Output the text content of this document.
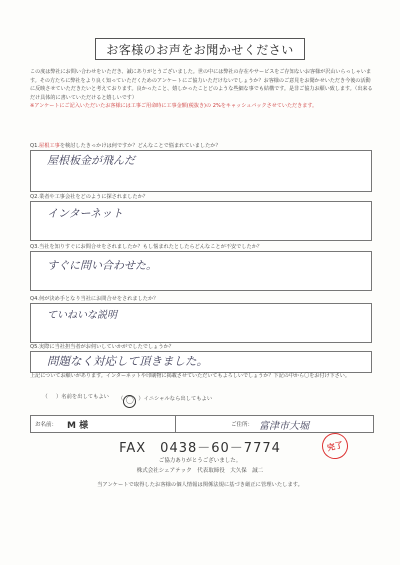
お客様のお声をお聞かせください
この度は弊社にお問い合わせをいただき、誠にありがとうございました。世の中には弊社の存在やサービスをご存知ないお客様が沢山いらっしゃいます。その方たちに弊社をより良く知っていただくためのアンケートにご協力いただけないでしょうか？お客様のご意見をお聞かせいただき今後の活動に反映させていただきたいと考えております。良かったこと、嬉しかったことどのような些細な事でも結構です。是非ご協力お願い致します。（出来るだけ具体的に書いていただけると嬉しいです）
※アンケートにご記入いただいたお客様には工事ご用命時に工事金額(税抜き)の 2%をキャッシュバックさせていただきます。
Q1.屋根工事を検討したきっかけは何ですか？どんなことで悩まれていましたか？
屋根板金が飛んだ
Q2.業者や工事会社をどのように探されましたか？
インターネット
Q3.当社を知りすぐにお問合せをされましたか？もし悩まれたとしたらどんなことが不安でしたか？
すぐに問い合わせた。
Q4.何が決め手となり当社にお問合せをされましたか？
ていねいな説明
Q5.実際に当社担当者がお伺いしていかがでしたでしょうか？
問題なく対応して頂きました。
上記についてお願いがあります。インターネットや印刷物に掲載させていただいてもよろしいでしょうか？下記の中から〇をお付け下さい。
（ ）名前を出してもよい （ 〇 ）イニシャルなら出してもよい
お名前： M 様	ご住所： 富津市大堀
完了
FAX　0438－60－7774
ご協力ありがとうございました。
株式会社シェアテック　代表取締役　大久保　誠二
当アンケートで取得したお客様の個人情報は関係法規に基づき厳正に管理いたします。
